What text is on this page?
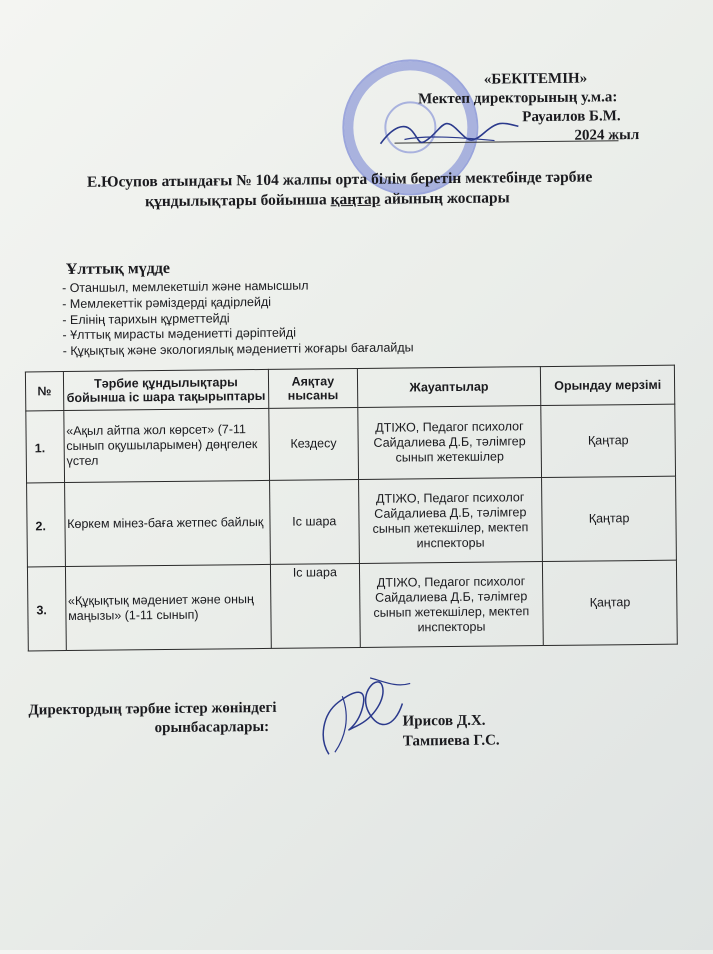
«БЕКІТЕМІН»
Мектеп директорының у.м.а:
Рауаилов Б.М.
2024 жыл
Е.Юсупов атындағы № 104 жалпы орта білім беретін мектебінде тәрбие
құндылықтары бойынша қаңтар айының жоспары
Ұлттық мүдде
- Отаншыл, мемлекетшіл және намысшыл
- Мемлекеттік рәміздерді қадірлейді
- Елінің тарихын құрметтейді
- Ұлттық мирасты мәдениетті дәріптейді
- Құқықтық және экологиялық мәдениетті жоғары бағалайды
№	Тәрбие құндылықтары бойынша іс шара тақырыптары	Аяқтау нысаны	Жауаптылар	Орындау мерзімі
1.	«Ақыл айтпа жол көрсет» (7-11 сынып оқушыларымен) дөңгелек үстел	Кездесу	ДТІЖО, Педагог психолог Сайдалиева Д.Б, тәлімгер сынып жетекшілер	Қаңтар
2.	Көркем мінез-бағa жетпес байлық	Іс шара	ДТІЖО, Педагог психолог Сайдалиева Д.Б, тәлімгер сынып жетекшілер, мектеп инспекторы	Қаңтар
3.	«Құқықтық мәдениет және оның маңызы» (1-11 сынып)	Іс шара	ДТІЖО, Педагог психолог Сайдалиева Д.Б, тәлімгер сынып жетекшілер, мектеп инспекторы	Қаңтар
Директордың тәрбие істер жөніндегі
орынбасарлары:	Ирисов Д.Х.
Тампиева Г.С.
